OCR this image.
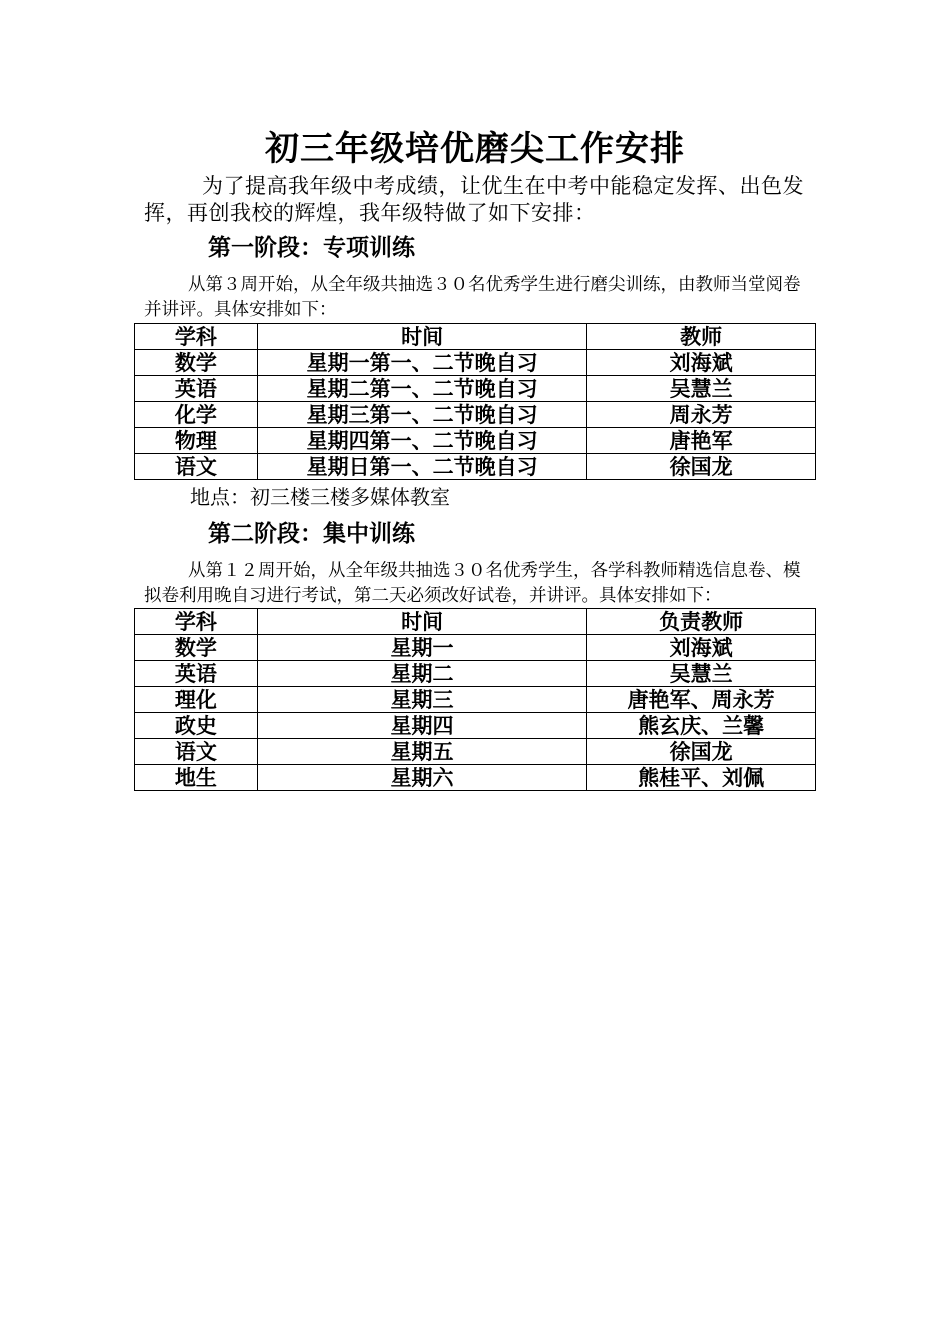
初三年级培优磨尖工作安排
为了提高我年级中考成绩，让优生在中考中能稳定发挥、出色发挥，再创我校的辉煌，我年级特做了如下安排：
第一阶段：专项训练
从第３周开始，从全年级共抽选３０名优秀学生进行磨尖训练，由教师当堂阅卷并讲评。具体安排如下：
学科	时间	教师
数学	星期一第一、二节晚自习	刘海斌
英语	星期二第一、二节晚自习	吴慧兰
化学	星期三第一、二节晚自习	周永芳
物理	星期四第一、二节晚自习	唐艳军
语文	星期日第一、二节晚自习	徐国龙
地点：初三楼三楼多媒体教室
第二阶段：集中训练
从第１２周开始，从全年级共抽选３０名优秀学生，各学科教师精选信息卷、模拟卷利用晚自习进行考试，第二天必须改好试卷，并讲评。具体安排如下：
学科	时间	负责教师
数学	星期一	刘海斌
英语	星期二	吴慧兰
理化	星期三	唐艳军、周永芳
政史	星期四	熊玄庆、兰馨
语文	星期五	徐国龙
地生	星期六	熊桂平、刘佩
